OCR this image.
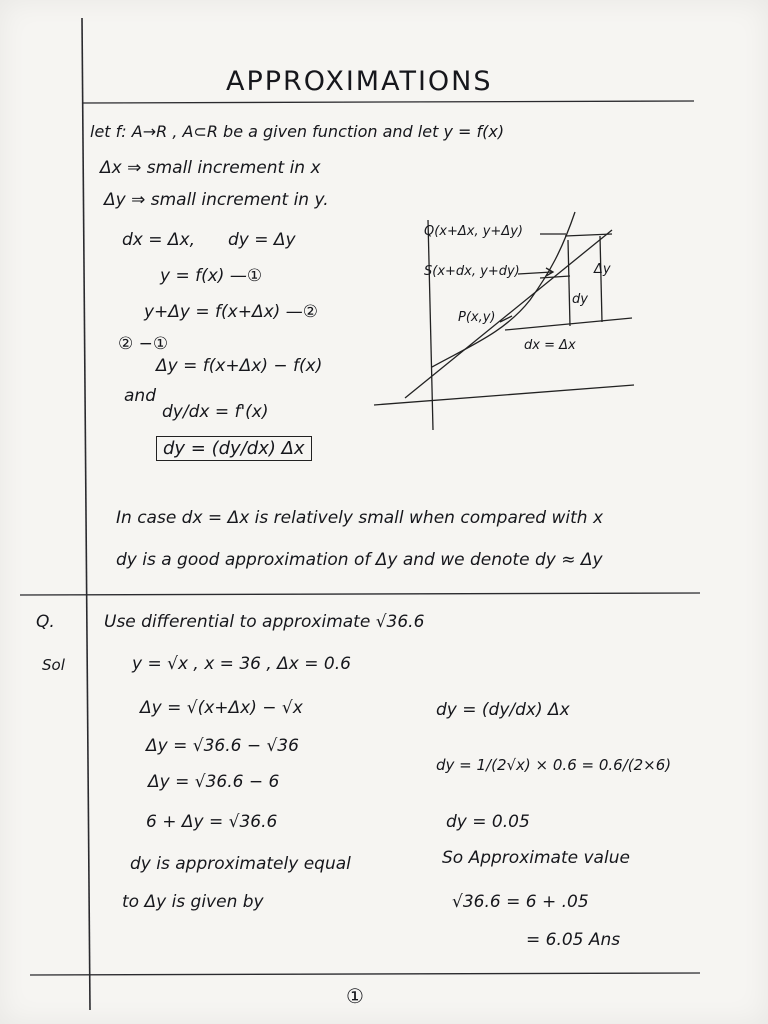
APPROXIMATIONS
let f: A→R , A⊂R be a given function and let y = f(x)
Δx ⇒ small increment in x
Δy ⇒ small increment in y.
dx = Δx, dy = Δy
y = f(x) —①
y+Δy = f(x+Δx) —②
② −①
Δy = f(x+Δx) − f(x)
and
dy/dx = f'(x)
dy = (dy/dx) Δx
Q(x+Δx, y+Δy)
S(x+dx, y+dy)
P(x,y)
Δy
dy
dx = Δx
In case dx = Δx is relatively small when compared with x
dy is a good approximation of Δy and we denote dy ≈ Δy
Q.	Use differential to approximate √36.6
Sol	y = √x , x = 36 , Δx = 0.6
Δy = √(x+Δx) − √x
Δy = √36.6 − √36
Δy = √36.6 − 6
6 + Δy = √36.6
dy is approximately equal
to Δy is given by
dy = (dy/dx) Δx
dy = 1/(2√x) × 0.6 = 0.6/(2×6)
dy = 0.05
So Approximate value
√36.6 = 6 + .05
= 6.05 Ans
①
